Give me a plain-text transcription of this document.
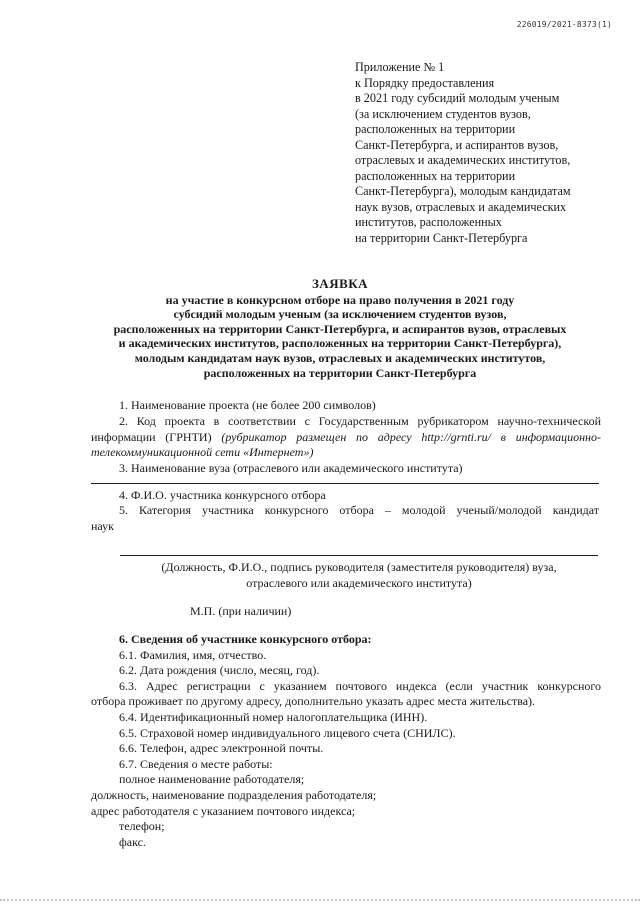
226019/2021-8373(1)
Приложение № 1
к Порядку предоставления
в 2021 году субсидий молодым ученым
(за исключением студентов вузов,
расположенных на территории
Санкт-Петербурга, и аспирантов вузов,
отраслевых и академических институтов,
расположенных на территории
Санкт-Петербурга), молодым кандидатам
наук вузов, отраслевых и академических
институтов, расположенных
на территории Санкт-Петербурга
ЗАЯВКА
на участие в конкурсном отборе на право получения в 2021 году
субсидий молодым ученым (за исключением студентов вузов,
расположенных на территории Санкт-Петербурга, и аспирантов вузов, отраслевых
и академических институтов, расположенных на территории Санкт-Петербурга),
молодым кандидатам наук вузов, отраслевых и академических институтов,
расположенных на территории Санкт-Петербурга
1. Наименование проекта (не более 200 символов)
2. Код проекта в соответствии с Государственным рубрикатором научно-технической информации (ГРНТИ) (рубрикатор размещен по адресу http://grnti.ru/ в информационно-телекоммуникационной сети «Интернет»)
3. Наименование вуза (отраслевого или академического института)
4. Ф.И.О. участника конкурсного отбора
5. Категория участника конкурсного отбора – молодой ученый/молодой кандидат
наук
(Должность, Ф.И.О., подпись руководителя (заместителя руководителя) вуза,
отраслевого или академического института)
М.П. (при наличии)
6. Сведения об участнике конкурсного отбора:
6.1. Фамилия, имя, отчество.
6.2. Дата рождения (число, месяц, год).
6.3. Адрес регистрации с указанием почтового индекса (если участник конкурсного
отбора проживает по другому адресу, дополнительно указать адрес места жительства).
6.4. Идентификационный номер налогоплательщика (ИНН).
6.5. Страховой номер индивидуального лицевого счета (СНИЛС).
6.6. Телефон, адрес электронной почты.
6.7. Сведения о месте работы:
полное наименование работодателя;
должность, наименование подразделения работодателя;
адрес работодателя с указанием почтового индекса;
телефон;
факс.
